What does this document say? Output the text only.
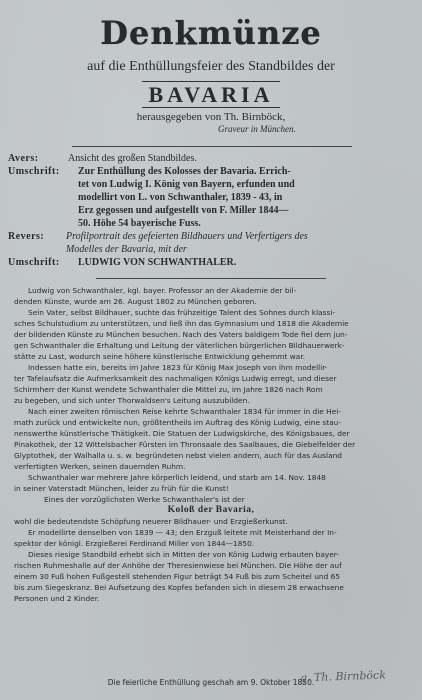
Denkmünze
auf die Enthüllungsfeier des Standbildes der
BAVARIA
herausgegeben von Th. Birnböck,
Graveur in München.
Avers:	Ansicht des großen Standbildes.
Umschrift:	Zur Enthüllung des Kolosses der Bavaria. Errich-
tet von Ludwig I. König von Bayern, erfunden und
modellirt von L. von Schwanthaler, 1839 - 43, in
Erz gegossen und aufgestellt von F. Miller 1844—
50. Höhe 54 bayerische Fuss.
Revers:	Profilportrait des gefeierten Bildhauers und Verfertigers des
Modelles der Bavaria, mit der
Umschrift:	LUDWIG VON SCHWANTHALER.

Ludwig von Schwanthaler, kgl. bayer. Professor an der Akademie der bil-

denden Künste, wurde am 26. August 1802 zu München geboren.

Sein Vater, selbst Bildhauer, suchte das frühzeitige Talent des Sohnes durch klassi-

sches Schulstudium zu unterstützen, und ließ ihn das Gymnasium und 1818 die Akademie

der bildenden Künste zu München besuchen. Nach des Vaters baldigem Tode fiel dem jun-

gen Schwanthaler die Erhaltung und Leitung der väterlichen bürgerlichen Bildhauerwerk-

stätte zu Last, wodurch seine höhere künstlerische Entwicklung gehemmt war.

Indessen hatte ein, bereits im Jahre 1823 für König Max Joseph von ihm modellir-

ter Tafelaufsatz die Aufmerksamkeit des nachmaligen Königs Ludwig erregt, und dieser

Schirmherr der Kunst wendete Schwanthaler die Mittel zu, im Jahre 1826 nach Rom

zu begeben, und sich unter Thorwaldsen's Leitung auszubilden.

Nach einer zweiten römischen Reise kehrte Schwanthaler 1834 für immer in die Hei-

math zurück und entwickelte nun, größtentheils im Auftrag des König Ludwig, eine stau-

nenswerthe künstlerische Thätigkeit. Die Statuen der Ludwigskirche, des Königsbaues, der

Pinakothek, der 12 Wittelsbacher Fürsten im Thronsaale des Saalbaues, die Giebelfelder der

Glyptothek, der Walhalla u. s. w. begründeten nebst vielen andern, auch für das Ausland

verfertigten Werken, seinen dauernden Ruhm.

Schwanthaler war mehrere Jahre körperlich leidend, und starb am 14. Nov. 1848

in seiner Vaterstadt München, leider zu früh für die Kunst!

Eines der vorzüglichsten Werke Schwanthaler's ist der

Koloß der Bavaria,

wohl die bedeutendste Schöpfung neuerer Bildhauer- und Erzgießerkunst.

Er modellirte denselben von 1839 — 43; den Erzguß leitete mit Meisterhand der In-

spektor der königl. Erzgießerei Ferdinand Miller von 1844—1850.

Dieses riesige Standbild erhebt sich in Mitten der von König Ludwig erbauten bayer-

rischen Ruhmeshalle auf der Anhöhe der Theresienwiese bei München. Die Höhe der auf

einem 30 Fuß hohen Fußgestell stehenden Figur beträgt 54 Fuß bis zum Scheitel und 65

bis zum Siegeskranz. Bei Aufsetzung des Kopfes befanden sich in diesem 28 erwachsene

Personen und 2 Kinder.

Die feierliche Enthüllung geschah am 9. Oktober 1850.
g. Th. Birnböck
